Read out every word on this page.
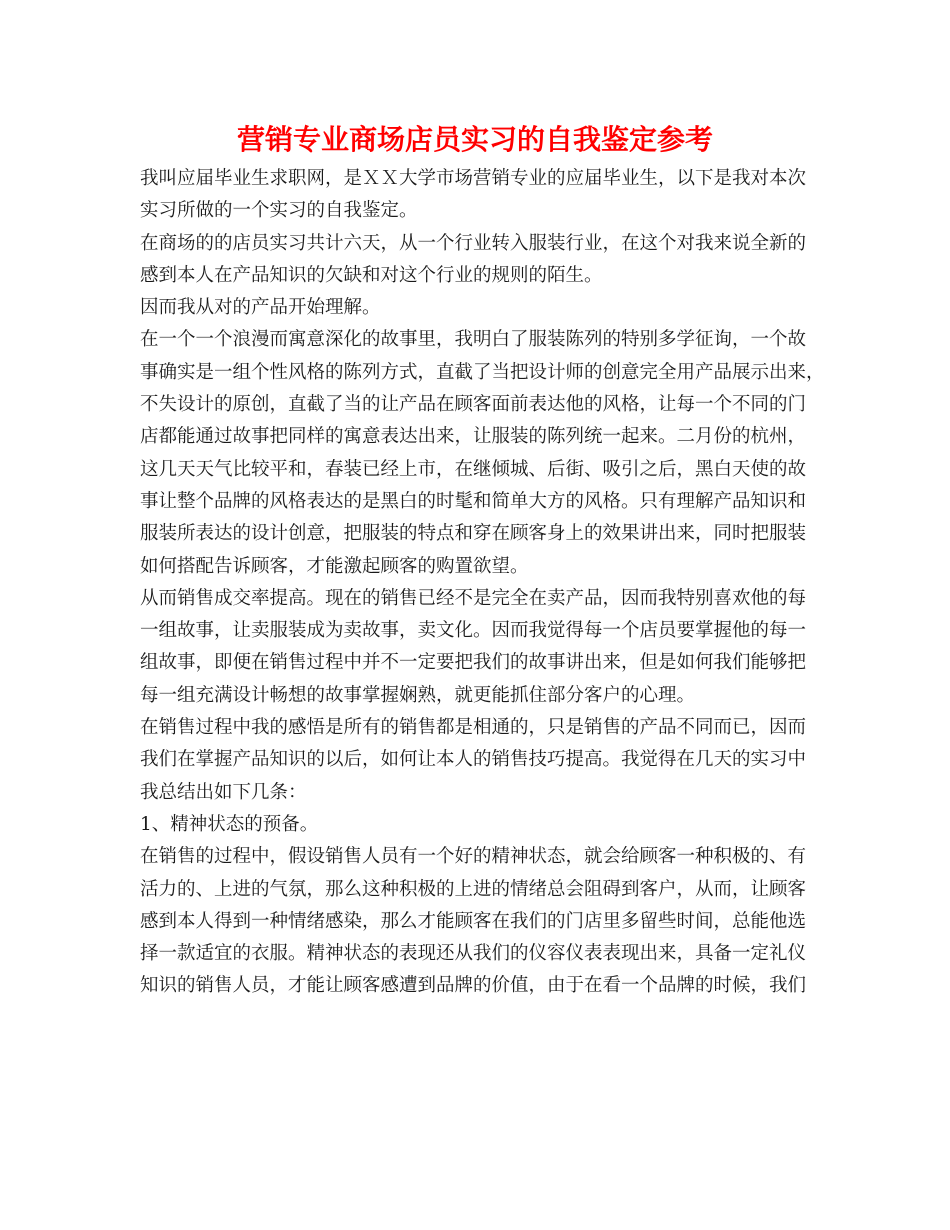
营销专业商场店员实习的自我鉴定参考
我叫应届毕业生求职网，是ＸＸ大学市场营销专业的应届毕业生，以下是我对本次
实习所做的一个实习的自我鉴定。
在商场的的店员实习共计六天，从一个行业转入服装行业，在这个对我来说全新的
感到本人在产品知识的欠缺和对这个行业的规则的陌生。
因而我从对的产品开始理解。
在一个一个浪漫而寓意深化的故事里，我明白了服装陈列的特别多学征询，一个故
事确实是一组个性风格的陈列方式，直截了当把设计师的创意完全用产品展示出来，
不失设计的原创，直截了当的让产品在顾客面前表达他的风格，让每一个不同的门
店都能通过故事把同样的寓意表达出来，让服装的陈列统一起来。二月份的杭州，
这几天天气比较平和，春装已经上市，在继倾城、后街、吸引之后，黑白天使的故
事让整个品牌的风格表达的是黑白的时髦和简单大方的风格。只有理解产品知识和
服装所表达的设计创意，把服装的特点和穿在顾客身上的效果讲出来，同时把服装
如何搭配告诉顾客，才能激起顾客的购置欲望。
从而销售成交率提高。现在的销售已经不是完全在卖产品，因而我特别喜欢他的每
一组故事，让卖服装成为卖故事，卖文化。因而我觉得每一个店员要掌握他的每一
组故事，即便在销售过程中并不一定要把我们的故事讲出来，但是如何我们能够把
每一组充满设计畅想的故事掌握娴熟，就更能抓住部分客户的心理。
在销售过程中我的感悟是所有的销售都是相通的，只是销售的产品不同而已，因而
我们在掌握产品知识的以后，如何让本人的销售技巧提高。我觉得在几天的实习中
我总结出如下几条：
1、精神状态的预备。
在销售的过程中，假设销售人员有一个好的精神状态，就会给顾客一种积极的、有
活力的、上进的气氛，那么这种积极的上进的情绪总会阻碍到客户，从而，让顾客
感到本人得到一种情绪感染，那么才能顾客在我们的门店里多留些时间，总能他选
择一款适宜的衣服。精神状态的表现还从我们的仪容仪表表现出来，具备一定礼仪
知识的销售人员，才能让顾客感遭到品牌的价值，由于在看一个品牌的时候，我们
